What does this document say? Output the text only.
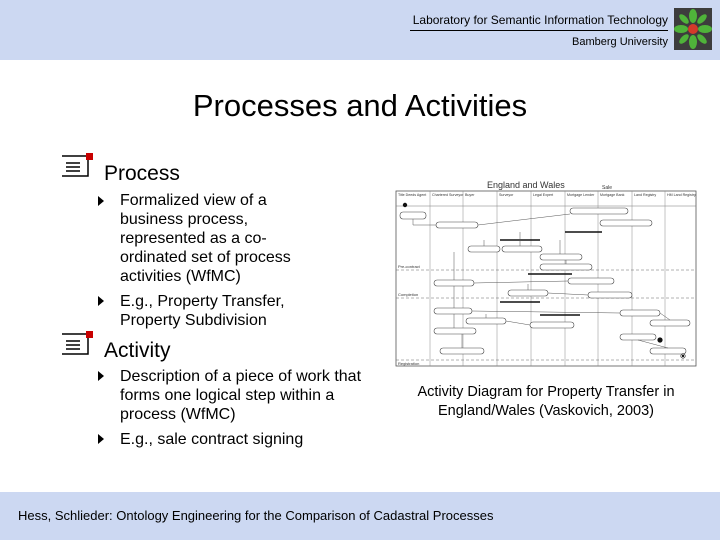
Laboratory for Semantic Information Technology
Bamberg University
Processes and Activities
Process
Formalized view of a business process, represented as a co-ordinated set of process activities (WfMC)
E.g., Property Transfer, Property Subdivision
Activity
Description of a piece of work that forms one logical step within a process (WfMC)
E.g., sale contract signing
England and Wales	Sale
Title Deeds Agent Chartered Surveyor Buyer	Surveyor	Legal Expert	Mortgage Lender Mortgage Bank	Land Registry	HM Land Registry
Pre-contract
Completion
Registration
Activity Diagram for Property Transfer in England/Wales (Vaskovich, 2003)
Hess, Schlieder: Ontology Engineering for the Comparison of Cadastral Processes
